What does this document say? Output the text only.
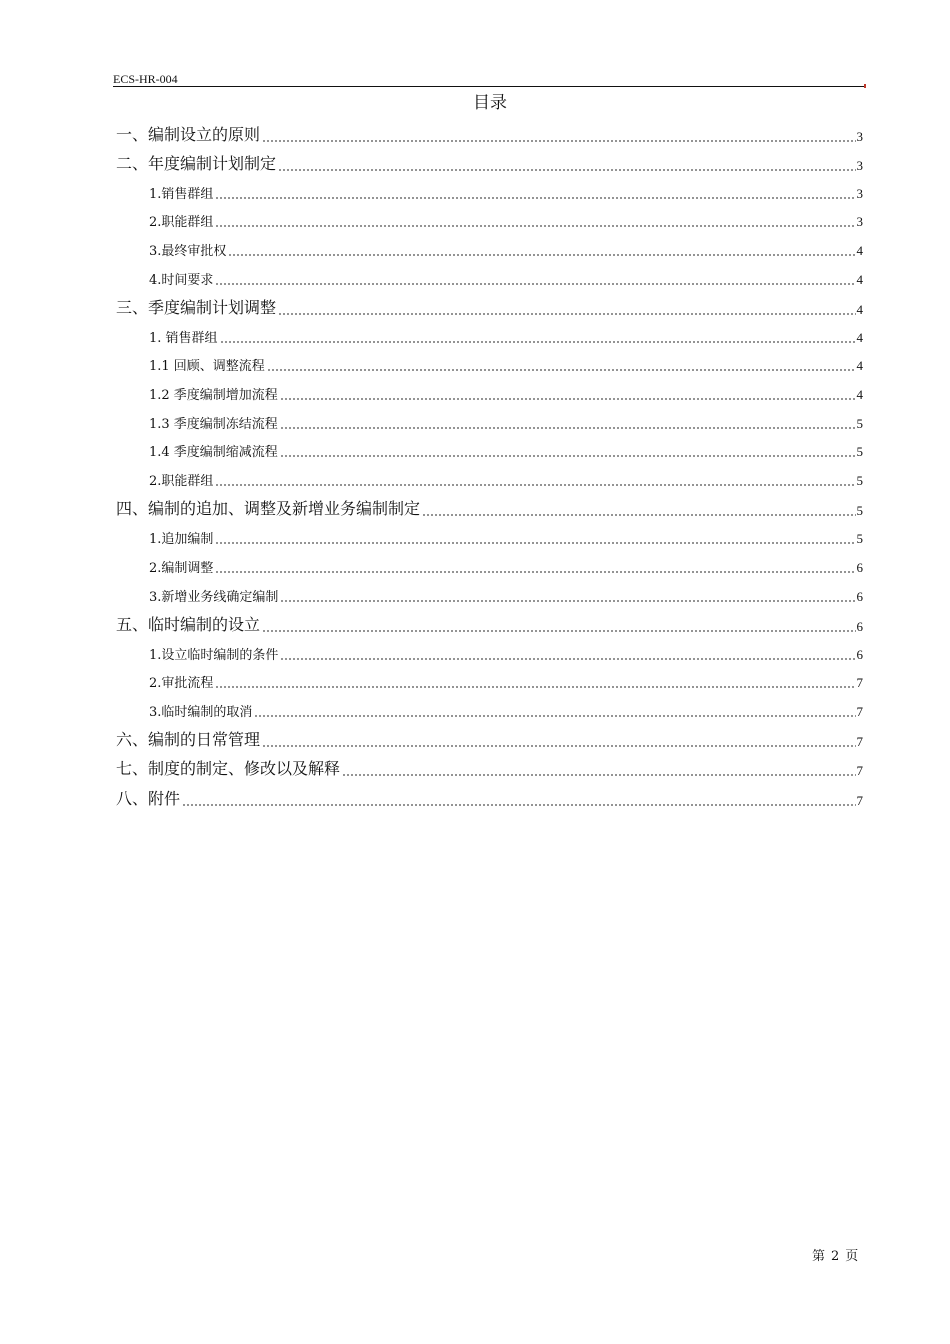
ECS-HR-004
目录
一、编制设立的原则	3
二、年度编制计划制定	3
1.销售群组	3
2.职能群组	3
3.最终审批权	4
4.时间要求	4
三、季度编制计划调整	4
1. 销售群组	4
1.1 回顾、调整流程	4
1.2 季度编制增加流程	4
1.3 季度编制冻结流程	5
1.4 季度编制缩减流程	5
2.职能群组	5
四、编制的追加、调整及新增业务编制制定	5
1.追加编制	5
2.编制调整	6
3.新增业务线确定编制	6
五、临时编制的设立	6
1.设立临时编制的条件	6
2.审批流程	7
3.临时编制的取消	7
六、编制的日常管理	7
七、制度的制定、修改以及解释	7
八、附件	7
第 2 页
